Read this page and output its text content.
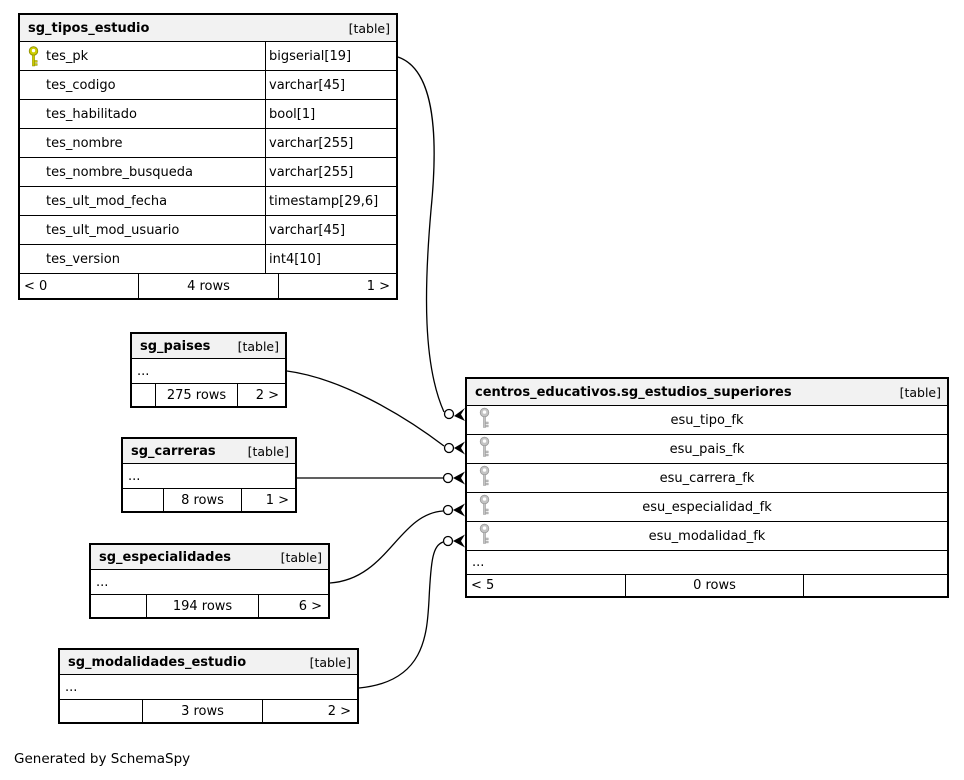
sg_tipos_estudio	[table]
tes_pk	bigserial[19]
tes_codigo	varchar[45]
tes_habilitado	bool[1]
tes_nombre	varchar[255]
tes_nombre_busqueda	varchar[255]
tes_ult_mod_fecha	timestamp[29,6]
tes_ult_mod_usuario	varchar[45]
tes_version	int4[10]
< 0	4 rows	1 >
sg_paises [table]
...
275 rows	2 >
sg_carreras	[table]
...
8 rows	1 >
sg_especialidades	[table]
...
194 rows	6 >
sg_modalidades_estudio	[table]
...
3 rows	2 >
centros_educativos.sg_estudios_superiores	[table]
esu_tipo_fk
esu_pais_fk
esu_carrera_fk
esu_especialidad_fk
esu_modalidad_fk
...
< 5	0 rows
Generated by SchemaSpy
